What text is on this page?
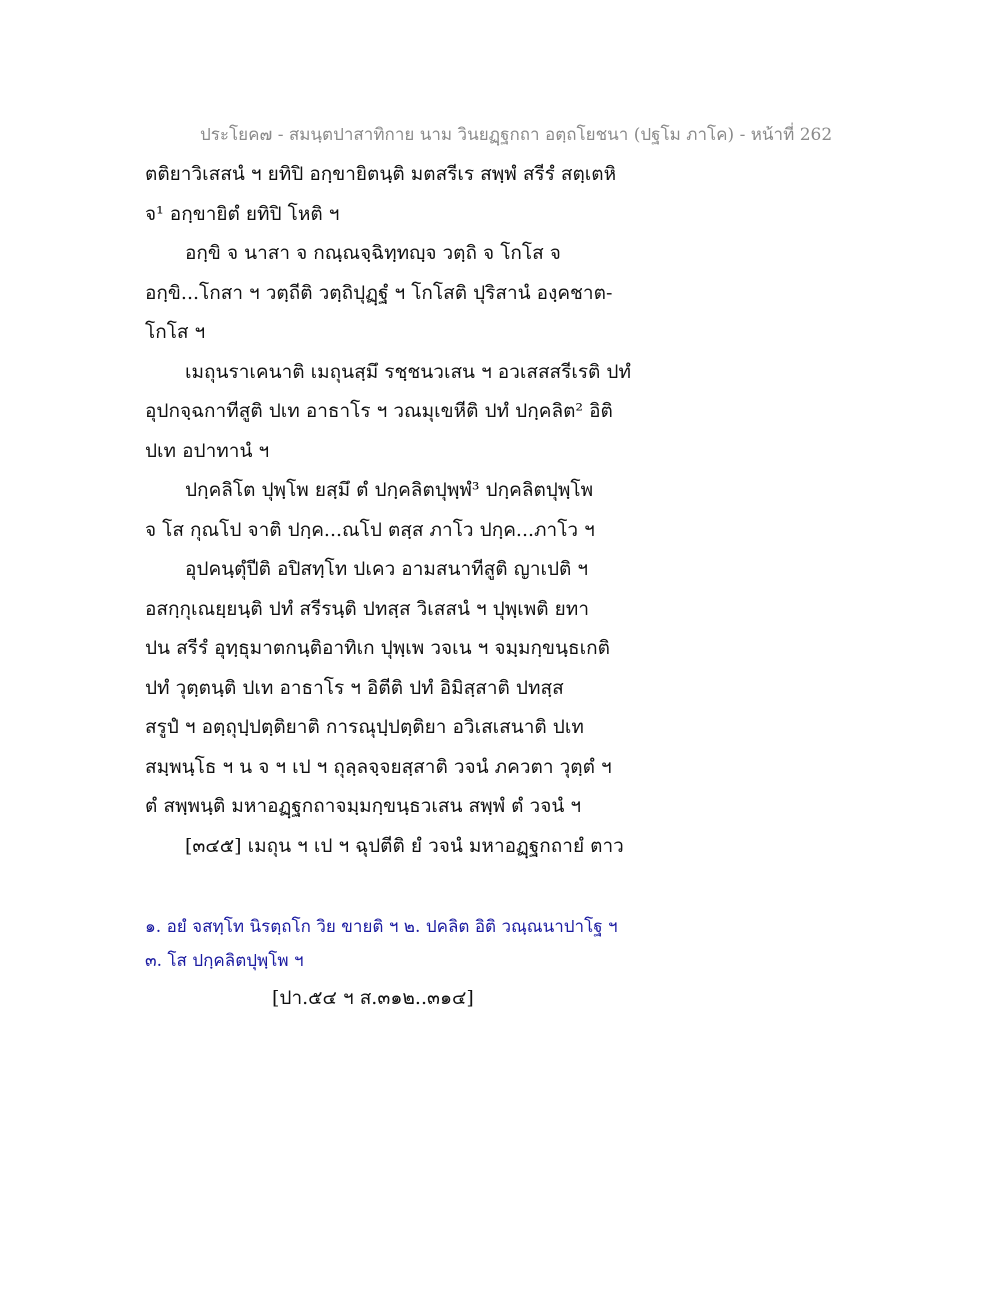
ประโยค๗ - สมนฺตปาสาทิกาย นาม วินยฏฺฐกถา อตฺถโยชนา (ปฐโม ภาโค) - หน้าที่ 262
ตติยาวิเสสนํ ฯ ยทิปิ อกฺขายิตนฺติ มตสรีเร สพฺพํ สรีรํ สตฺเตหิ
จ¹ อกฺขายิตํ ยทิปิ โหติ ฯ
อกฺขิ จ นาสา จ กณฺณจฺฉิทฺทญฺจ วตฺถิ จ โกโส จ
อกฺขิ...โกสา ฯ วตฺถีติ วตฺถิปุฏฺฐํ ฯ โกโสติ ปุริสานํ องฺคชาต-
โกโส ฯ
เมถุนราเคนาติ เมถุนสฺมึ รชฺชนวเสน ฯ อวเสสสรีเรติ ปทํ
อุปกจฺฉกาทีสูติ ปเท อาธาโร ฯ วณมุเขหีติ ปทํ ปกฺคลิต² อิติ
ปเท อปาทานํ ฯ
ปกฺคลิโต ปุพฺโพ ยสฺมึ ตํ ปกฺคลิตปุพฺพํ³ ปกฺคลิตปุพฺโพ
จ โส กุณโป จาติ ปกฺค...ณโป ตสฺส ภาโว ปกฺค...ภาโว ฯ
อุปคนฺตุํปีติ อปิสทฺโท ปเคว อามสนาทีสูติ ญาเปติ ฯ
อสกฺกุเณยฺยนฺติ ปทํ สรีรนฺติ ปทสฺส วิเสสนํ ฯ ปุพฺเพติ ยทา
ปน สรีรํ อุทฺธุมาตกนฺติอาทิเก ปุพฺเพ วจเน ฯ จมฺมกฺขนฺธเกติ
ปทํ วุตฺตนฺติ ปเท อาธาโร ฯ อิตีติ ปทํ อิมิสฺสาติ ปทสฺส
สรูปํ ฯ อตฺถุปฺปตฺติยาติ การณุปฺปตฺติยา อวิเสเสนาติ ปเท
สมฺพนฺโธ ฯ น จ ฯ เป ฯ ถุลฺลจฺจยสฺสาติ วจนํ ภควตา วุตฺตํ ฯ
ตํ สพฺพนฺติ มหาอฏฺฐกถาจมฺมกฺขนฺธวเสน สพฺพํ ตํ วจนํ ฯ
[๓๔๕] เมถุน ฯ เป ฯ ฉุปตีติ ยํ วจนํ มหาอฏฺฐกถายํ ตาว
๑. อยํ จสทฺโท นิรตฺถโก วิย ขายติ ฯ ๒. ปคลิต อิติ วณฺณนาปาโฐ ฯ
๓. โส ปกฺคลิตปุพฺโพ ฯ
[ปา.๕๔ ฯ ส.๓๑๒..๓๑๔]
